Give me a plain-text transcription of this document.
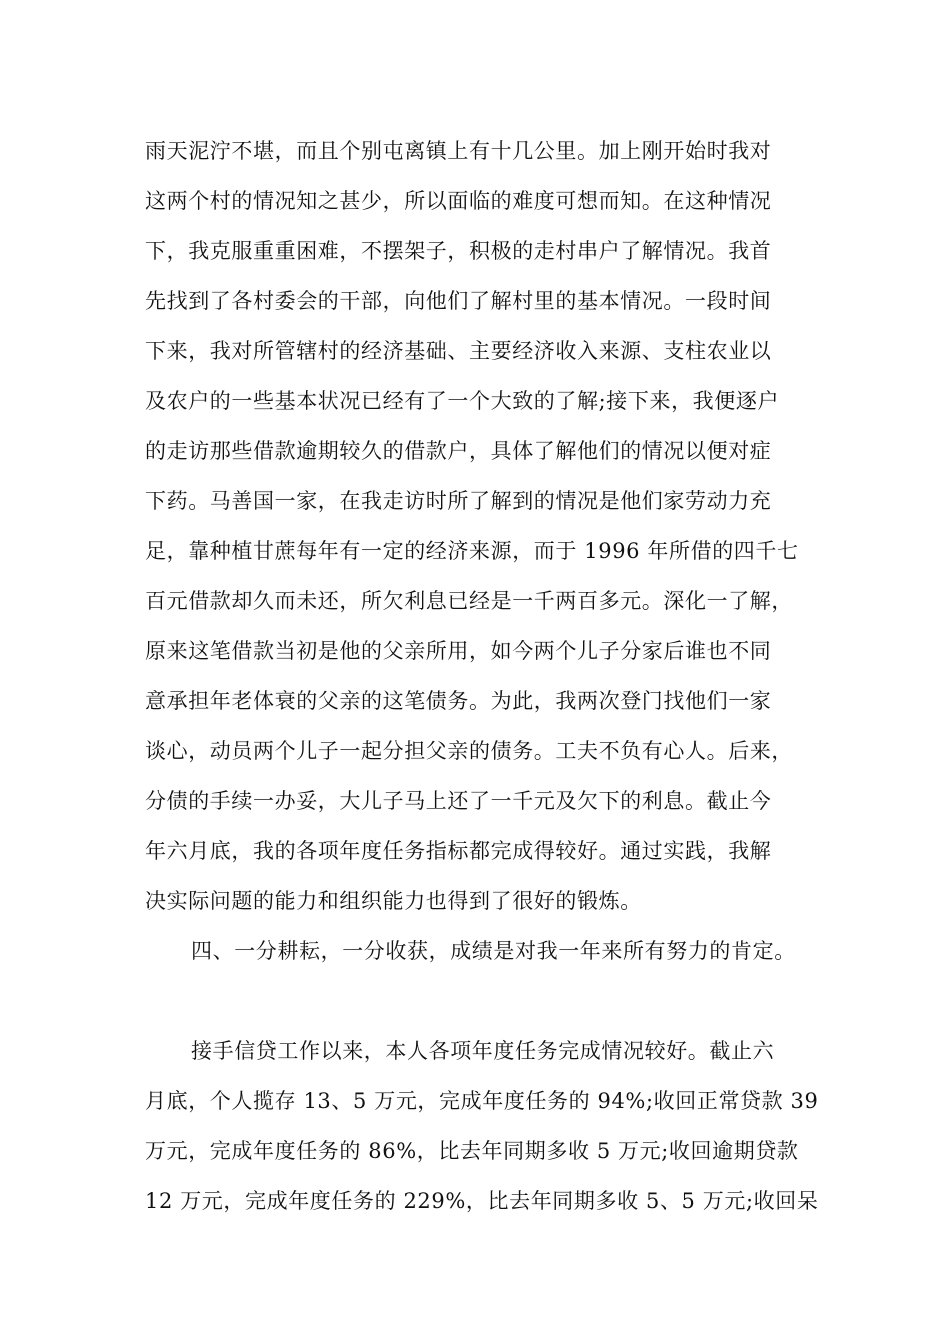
雨天泥泞不堪，而且个别屯离镇上有十几公里。加上刚开始时我对
这两个村的情况知之甚少，所以面临的难度可想而知。在这种情况
下，我克服重重困难，不摆架子，积极的走村串户了解情况。我首
先找到了各村委会的干部，向他们了解村里的基本情况。一段时间
下来，我对所管辖村的经济基础、主要经济收入来源、支柱农业以
及农户的一些基本状况已经有了一个大致的了解;接下来，我便逐户
的走访那些借款逾期较久的借款户，具体了解他们的情况以便对症
下药。马善国一家，在我走访时所了解到的情况是他们家劳动力充
足，靠种植甘蔗每年有一定的经济来源，而于 1996 年所借的四千七
百元借款却久而未还，所欠利息已经是一千两百多元。深化一了解，
原来这笔借款当初是他的父亲所用，如今两个儿子分家后谁也不同
意承担年老体衰的父亲的这笔债务。为此，我两次登门找他们一家
谈心，动员两个儿子一起分担父亲的债务。工夫不负有心人。后来，
分债的手续一办妥，大儿子马上还了一千元及欠下的利息。截止今
年六月底，我的各项年度任务指标都完成得较好。通过实践，我解
决实际问题的能力和组织能力也得到了很好的锻炼。
四、一分耕耘，一分收获，成绩是对我一年来所有努力的肯定。
接手信贷工作以来，本人各项年度任务完成情况较好。截止六
月底，个人揽存 13、5 万元，完成年度任务的 94%;收回正常贷款 39
万元，完成年度任务的 86%，比去年同期多收 5 万元;收回逾期贷款
12 万元，完成年度任务的 229%，比去年同期多收 5、5 万元;收回呆
